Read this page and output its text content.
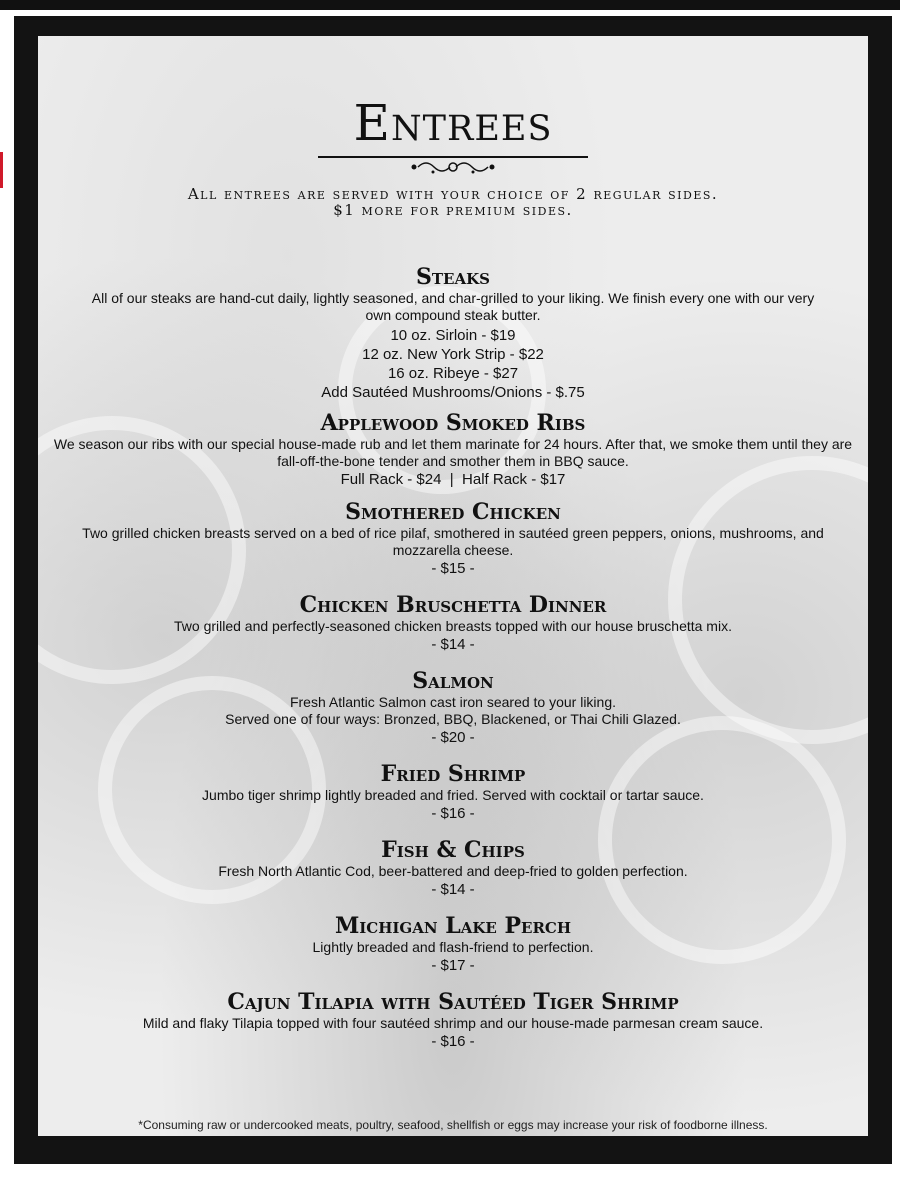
Entrees
All entrees are served with your choice of 2 regular sides.
$1 more for premium sides.
Steaks
All of our steaks are hand-cut daily, lightly seasoned, and char-grilled to your liking. We finish every one with our very own compound steak butter.
10 oz. Sirloin - $19
12 oz. New York Strip - $22
16 oz. Ribeye - $27
Add Sautéed Mushrooms/Onions - $.75
Applewood Smoked Ribs
We season our ribs with our special house-made rub and let them marinate for 24 hours. After that, we smoke them until they are fall-off-the-bone tender and smother them in BBQ sauce.
Full Rack - $24  |  Half Rack - $17
Smothered Chicken
Two grilled chicken breasts served on a bed of rice pilaf, smothered in sautéed green peppers, onions, mushrooms, and mozzarella cheese.
- $15 -
Chicken Bruschetta Dinner
Two grilled and perfectly-seasoned chicken breasts topped with our house bruschetta mix.
- $14 -
Salmon
Fresh Atlantic Salmon cast iron seared to your liking.
Served one of four ways: Bronzed, BBQ, Blackened, or Thai Chili Glazed.
- $20 -
Fried Shrimp
Jumbo tiger shrimp lightly breaded and fried. Served with cocktail or tartar sauce.
- $16 -
Fish & Chips
Fresh North Atlantic Cod, beer-battered and deep-fried to golden perfection.
- $14 -
Michigan Lake Perch
Lightly breaded and flash-friend to perfection.
- $17 -
Cajun Tilapia with Sautéed Tiger Shrimp
Mild and flaky Tilapia topped with four sautéed shrimp and our house-made parmesan cream sauce.
- $16 -
*Consuming raw or undercooked meats, poultry, seafood, shellfish or eggs may increase your risk of foodborne illness.
